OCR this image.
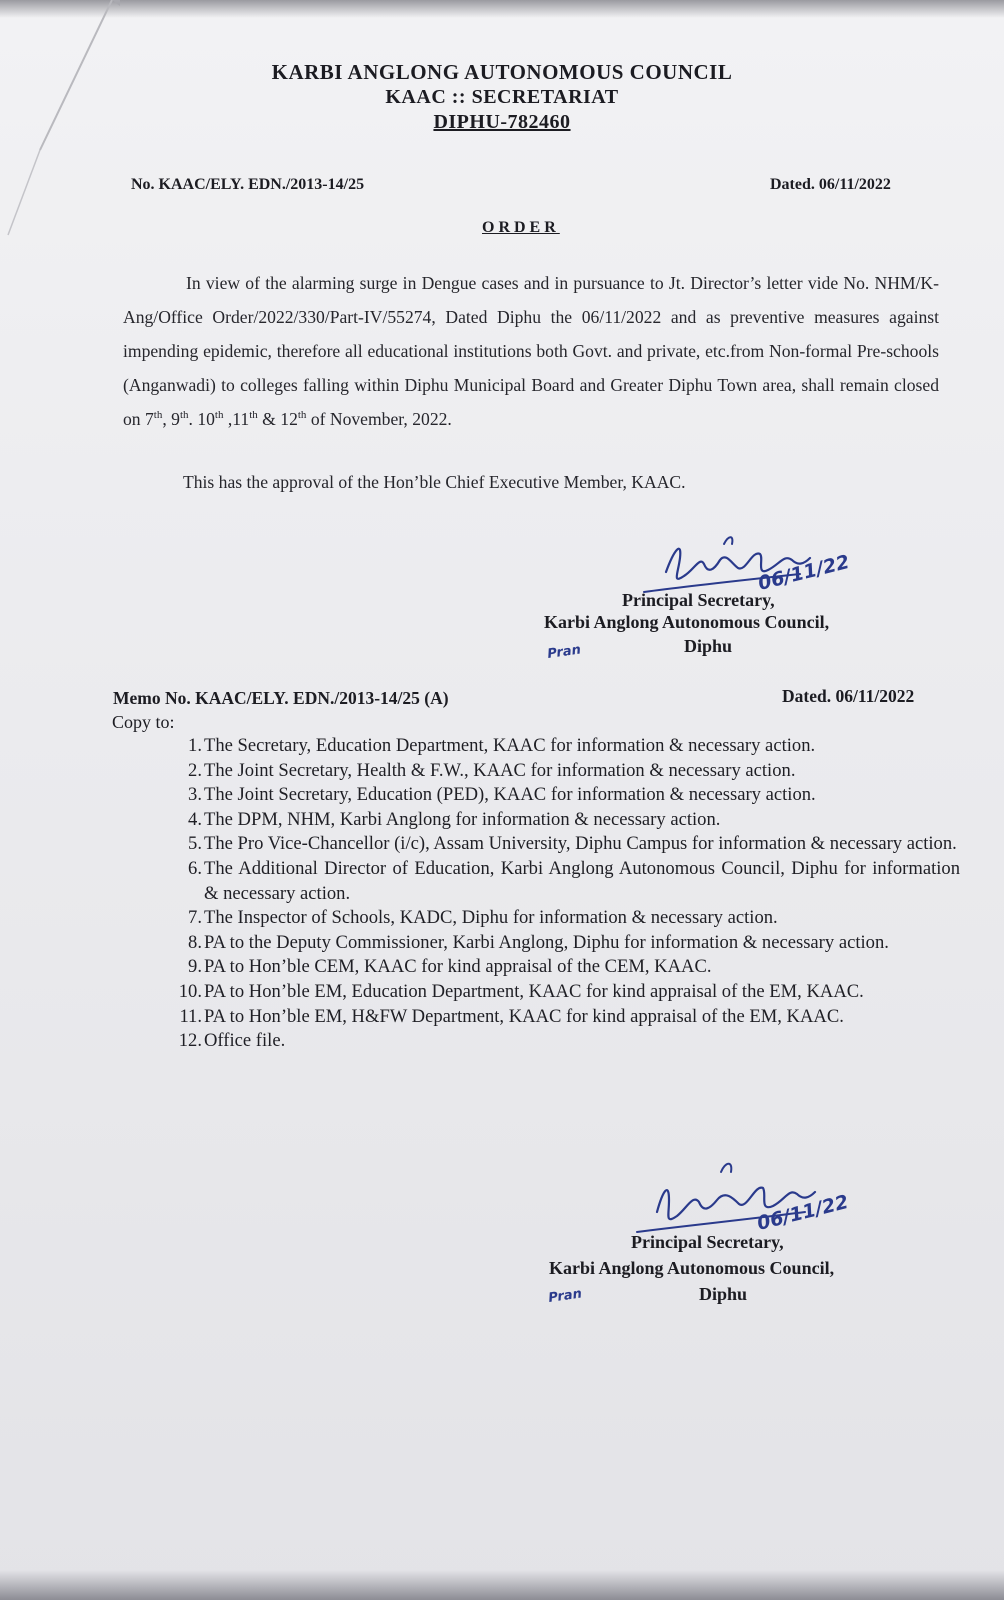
KARBI ANGLONG AUTONOMOUS COUNCIL
KAAC :: SECRETARIAT
DIPHU-782460
No. KAAC/ELY. EDN./2013-14/25	Dated. 06/11/2022
ORDER
In view of the alarming surge in Dengue cases and in pursuance to Jt. Director’s letter vide No. NHM/K-Ang/Office Order/2022/330/Part-IV/55274, Dated Diphu the 06/11/2022 and as preventive measures against impending epidemic, therefore all educational institutions both Govt. and private, etc.from Non-formal Pre-schools (Anganwadi) to colleges falling within Diphu Municipal Board and Greater Diphu Town area, shall remain closed on 7th, 9th. 10th ,11th & 12th of November, 2022.
This has the approval of the Hon’ble Chief Executive Member, KAAC.
06/11/22
Pran
Principal Secretary,
Karbi Anglong Autonomous Council,
Diphu
Memo No. KAAC/ELY. EDN./2013-14/25 (A)	Dated. 06/11/2022
Copy to:
1. The Secretary, Education Department, KAAC for information & necessary action.
2. The Joint Secretary, Health & F.W., KAAC for information & necessary action.
3. The Joint Secretary, Education (PED), KAAC for information & necessary action.
4. The DPM, NHM, Karbi Anglong for information & necessary action.
5. The Pro Vice-Chancellor (i/c), Assam University, Diphu Campus for information & necessary action.
6. The Additional Director of Education, Karbi Anglong Autonomous Council, Diphu for information & necessary action.
7. The Inspector of Schools, KADC, Diphu for information & necessary action.
8. PA to the Deputy Commissioner, Karbi Anglong, Diphu for information & necessary action.
9. PA to Hon’ble CEM, KAAC for kind appraisal of the CEM, KAAC.
10. PA to Hon’ble EM, Education Department, KAAC for kind appraisal of the EM, KAAC.
11. PA to Hon’ble EM, H&FW Department, KAAC for kind appraisal of the EM, KAAC.
12. Office file.
06/11/22
Pran
Principal Secretary,
Karbi Anglong Autonomous Council,
Diphu
